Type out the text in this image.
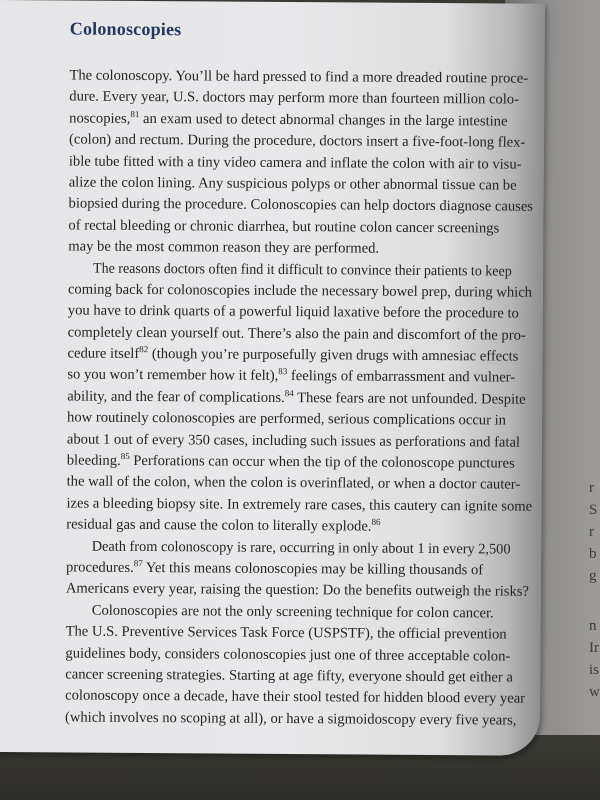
r
S
r
b
g
n
Ir
is
w
Colonoscopies
The colonoscopy. You’ll be hard pressed to find a more dreaded routine proce-
dure. Every year, U.S. doctors may perform more than fourteen million colo-
noscopies,$^{81}$ an exam used to detect abnormal changes in the large intestine
(colon) and rectum. During the procedure, doctors insert a five-foot-long flex-
ible tube fitted with a tiny video camera and inflate the colon with air to visu-
alize the colon lining. Any suspicious polyps or other abnormal tissue can be
biopsied during the procedure. Colonoscopies can help doctors diagnose causes
of rectal bleeding or chronic diarrhea, but routine colon cancer screenings
may be the most common reason they are performed.
The reasons doctors often find it difficult to convince their patients to keep
coming back for colonoscopies include the necessary bowel prep, during which
you have to drink quarts of a powerful liquid laxative before the procedure to
completely clean yourself out. There’s also the pain and discomfort of the pro-
cedure itself$^{82}$ (though you’re purposefully given drugs with amnesiac effects
so you won’t remember how it felt),$^{83}$ feelings of embarrassment and vulner-
ability, and the fear of complications.$^{84}$ These fears are not unfounded. Despite
how routinely colonoscopies are performed, serious complications occur in
about 1 out of every 350 cases, including such issues as perforations and fatal
bleeding.$^{85}$ Perforations can occur when the tip of the colonoscope punctures
the wall of the colon, when the colon is overinflated, or when a doctor cauter-
izes a bleeding biopsy site. In extremely rare cases, this cautery can ignite some
residual gas and cause the colon to literally explode.$^{86}$
Death from colonoscopy is rare, occurring in only about 1 in every 2,500
procedures.$^{87}$ Yet this means colonoscopies may be killing thousands of
Americans every year, raising the question: Do the benefits outweigh the risks?
Colonoscopies are not the only screening technique for colon cancer.
The U.S. Preventive Services Task Force (USPSTF), the official prevention
guidelines body, considers colonoscopies just one of three acceptable colon-
cancer screening strategies. Starting at age fifty, everyone should get either a
colonoscopy once a decade, have their stool tested for hidden blood every year
(which involves no scoping at all), or have a sigmoidoscopy every five years,
